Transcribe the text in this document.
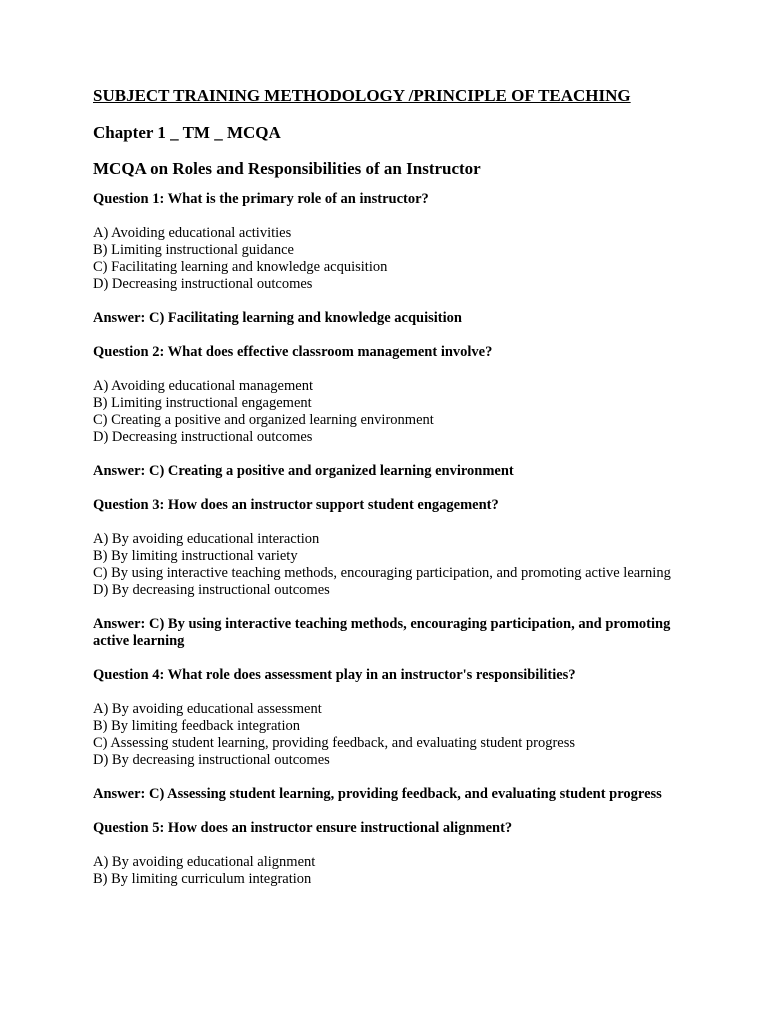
SUBJECT TRAINING METHODOLOGY /PRINCIPLE OF TEACHING
Chapter 1 _ TM _ MCQA
MCQA on Roles and Responsibilities of an Instructor
Question 1: What is the primary role of an instructor?
A) Avoiding educational activities
B) Limiting instructional guidance
C) Facilitating learning and knowledge acquisition
D) Decreasing instructional outcomes
Answer: C) Facilitating learning and knowledge acquisition
Question 2: What does effective classroom management involve?
A) Avoiding educational management
B) Limiting instructional engagement
C) Creating a positive and organized learning environment
D) Decreasing instructional outcomes
Answer: C) Creating a positive and organized learning environment
Question 3: How does an instructor support student engagement?
A) By avoiding educational interaction
B) By limiting instructional variety
C) By using interactive teaching methods, encouraging participation, and promoting active learning
D) By decreasing instructional outcomes
Answer: C) By using interactive teaching methods, encouraging participation, and promoting active learning
Question 4: What role does assessment play in an instructor's responsibilities?
A) By avoiding educational assessment
B) By limiting feedback integration
C) Assessing student learning, providing feedback, and evaluating student progress
D) By decreasing instructional outcomes
Answer: C) Assessing student learning, providing feedback, and evaluating student progress
Question 5: How does an instructor ensure instructional alignment?
A) By avoiding educational alignment
B) By limiting curriculum integration
